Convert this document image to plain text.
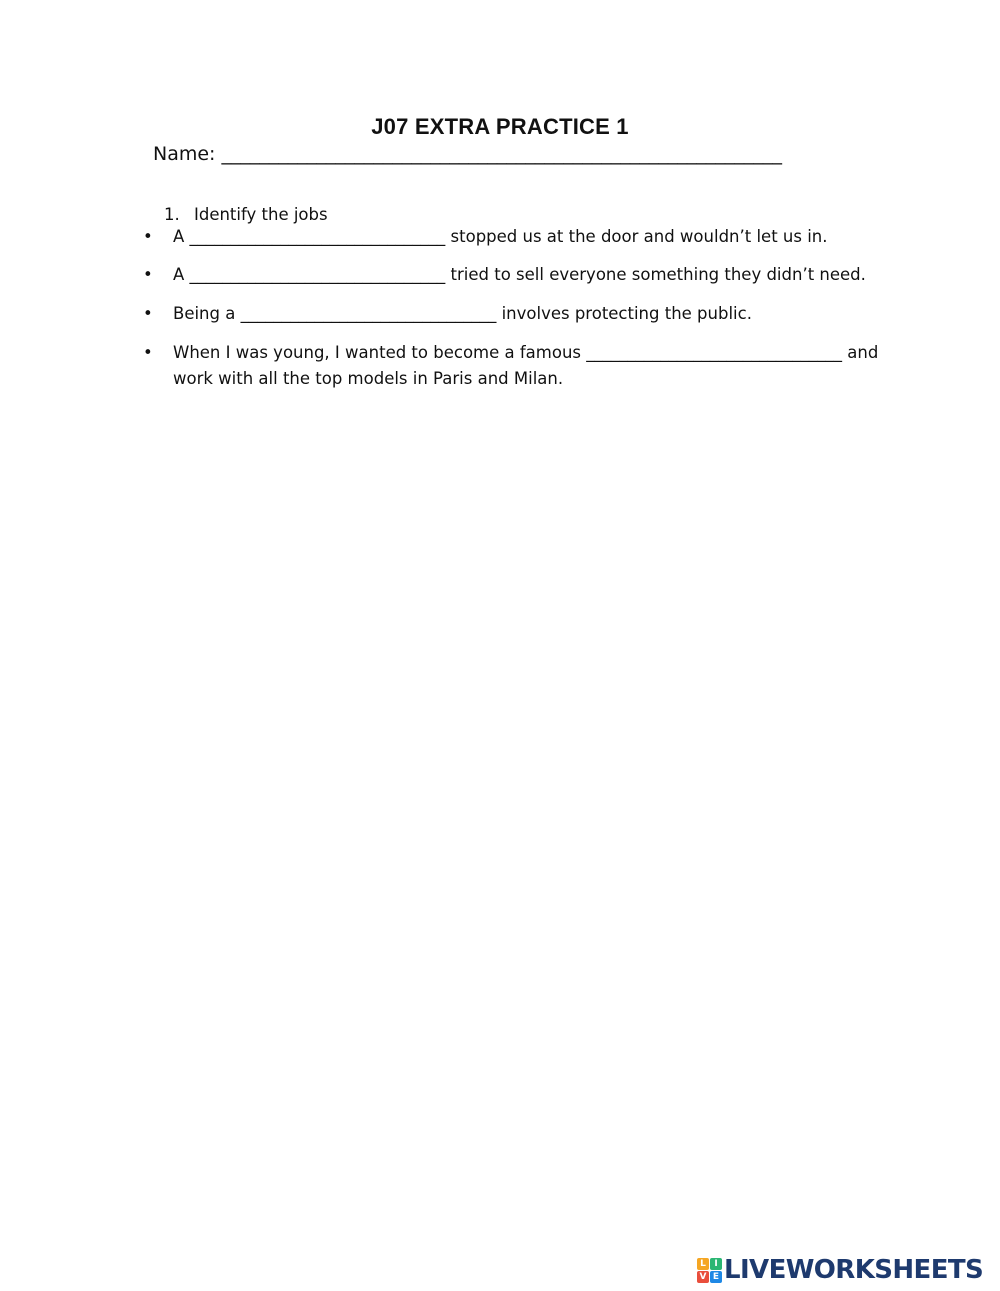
J07 EXTRA PRACTICE 1
Name: ___________________________________________________________

1. Identify the jobs

•	A _______________________________ stopped us at the door and wouldn’t let us in.
•	A _______________________________ tried to sell everyone something they didn’t need.
•	Being a _______________________________ involves protecting the public.
•	When I was young, I wanted to become a famous _______________________________ and work with all the top models in Paris and Milan.
L I
V E LIVEWORKSHEETS
